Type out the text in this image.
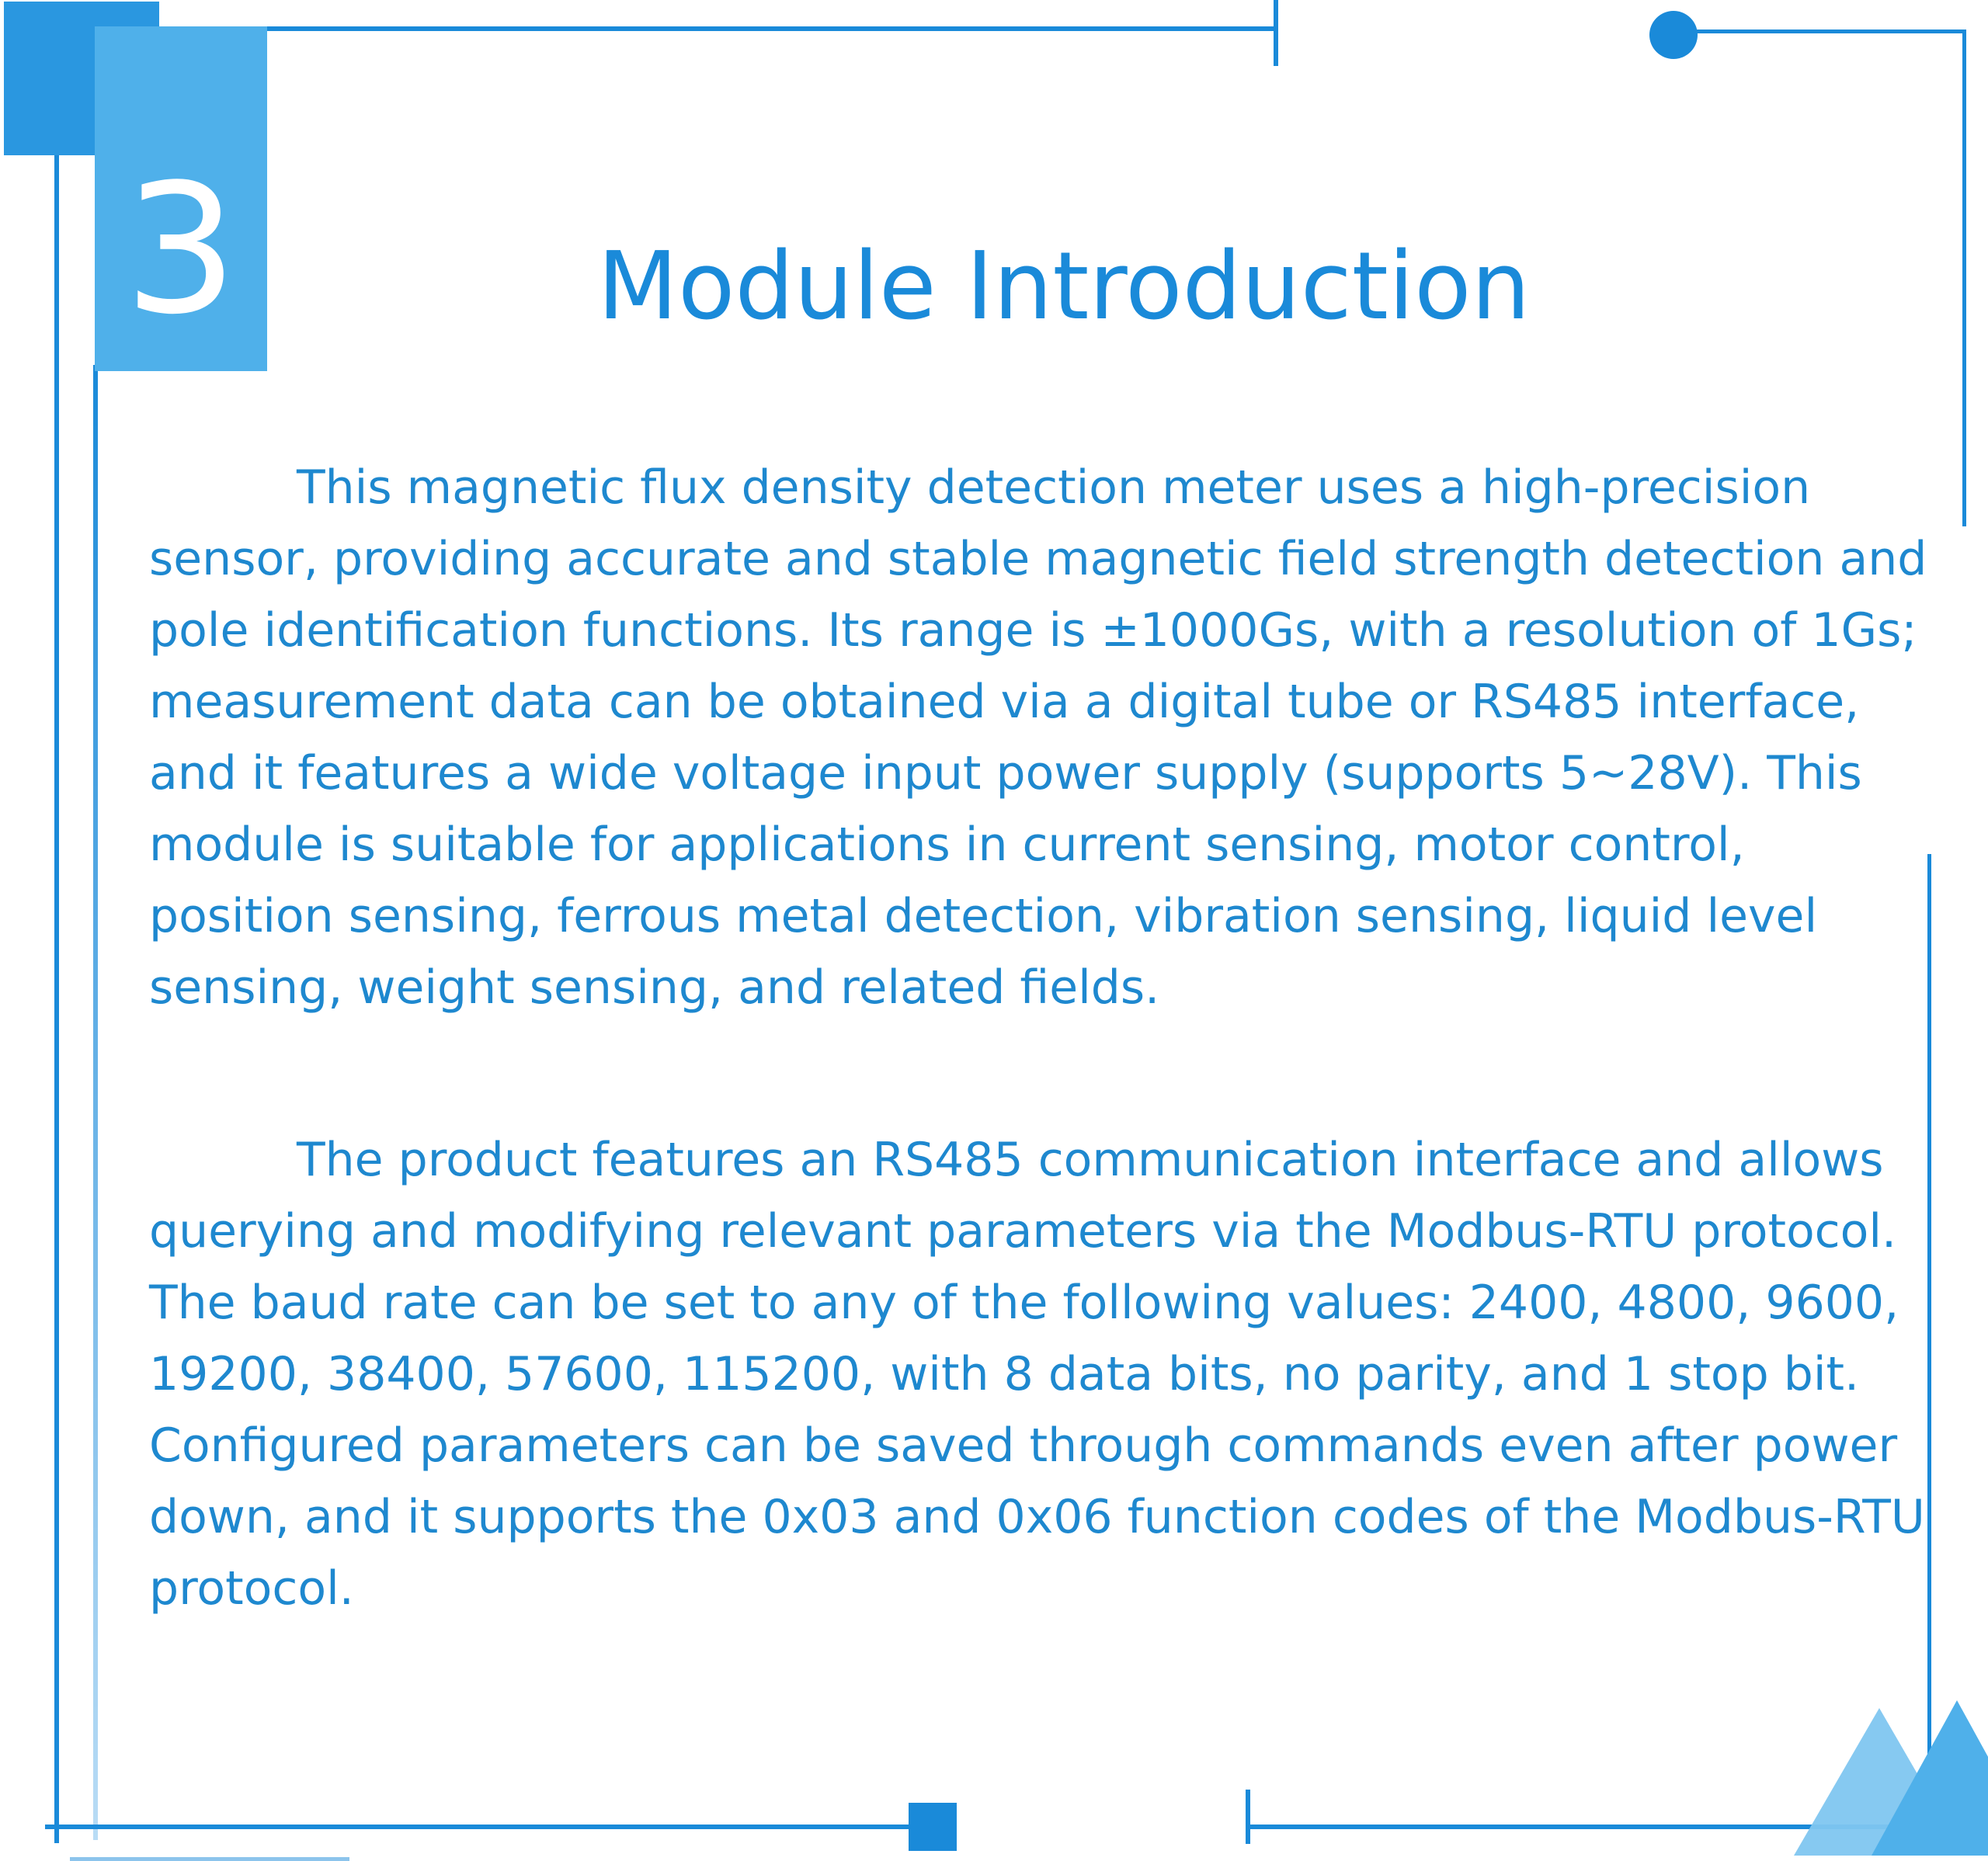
3	Module Introduction

This magnetic flux density detection meter uses a high-precision sensor, providing accurate and stable magnetic field strength detection and pole identification functions. Its range is ±1000Gs, with a resolution of 1Gs; measurement data can be obtained via a digital tube or RS485 interface, and it features a wide voltage input power supply (supports 5~28V). This module is suitable for applications in current sensing, motor control, position sensing, ferrous metal detection, vibration sensing, liquid level sensing, weight sensing, and related fields.

The product features an RS485 communication interface and allows querying and modifying relevant parameters via the Modbus-RTU protocol. The baud rate can be set to any of the following values: 2400, 4800, 9600, 19200, 38400, 57600, 115200, with 8 data bits, no parity, and 1 stop bit. Configured parameters can be saved through commands even after power down, and it supports the 0x03 and 0x06 function codes of the Modbus-RTU protocol.
